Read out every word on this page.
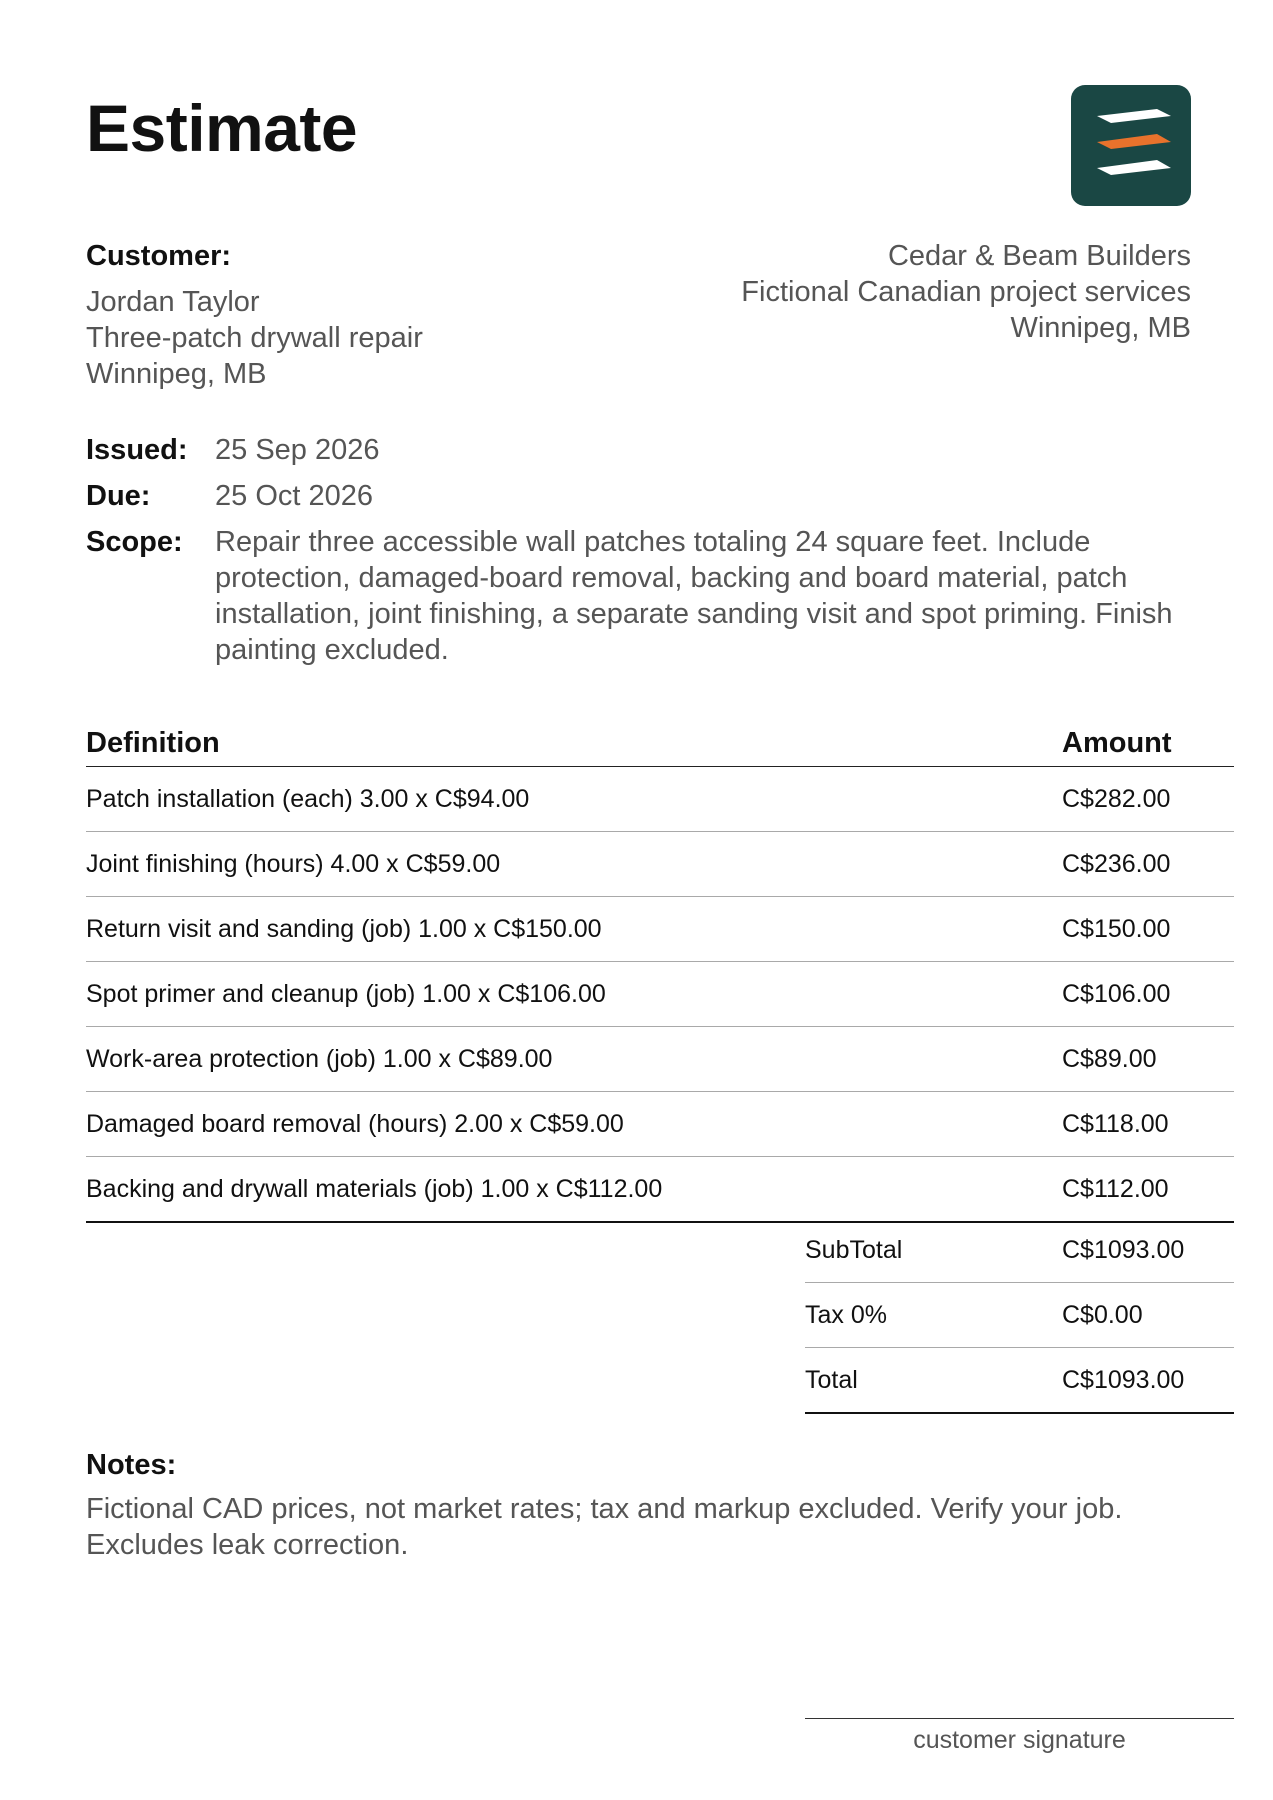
Estimate
Customer:
Jordan Taylor
Three-patch drywall repair
Winnipeg, MB
Cedar & Beam Builders
Fictional Canadian project services
Winnipeg, MB
Issued: 25 Sep 2026
Due:	25 Oct 2026
Scope:	Repair three accessible wall patches totaling 24 square feet. Include protection, damaged-board removal, backing and board material, patch installation, joint finishing, a separate sanding visit and spot priming. Finish painting excluded.
Definition	Amount
Patch installation (each) 3.00 x C$94.00	C$282.00
Joint finishing (hours) 4.00 x C$59.00	C$236.00
Return visit and sanding (job) 1.00 x C$150.00	C$150.00
Spot primer and cleanup (job) 1.00 x C$106.00	C$106.00
Work-area protection (job) 1.00 x C$89.00	C$89.00
Damaged board removal (hours) 2.00 x C$59.00	C$118.00
Backing and drywall materials (job) 1.00 x C$112.00	C$112.00
SubTotal	C$1093.00
Tax 0%	C$0.00
Total	C$1093.00
Notes:
Fictional CAD prices, not market rates; tax and markup excluded. Verify your job. Excludes leak correction.
customer signature
